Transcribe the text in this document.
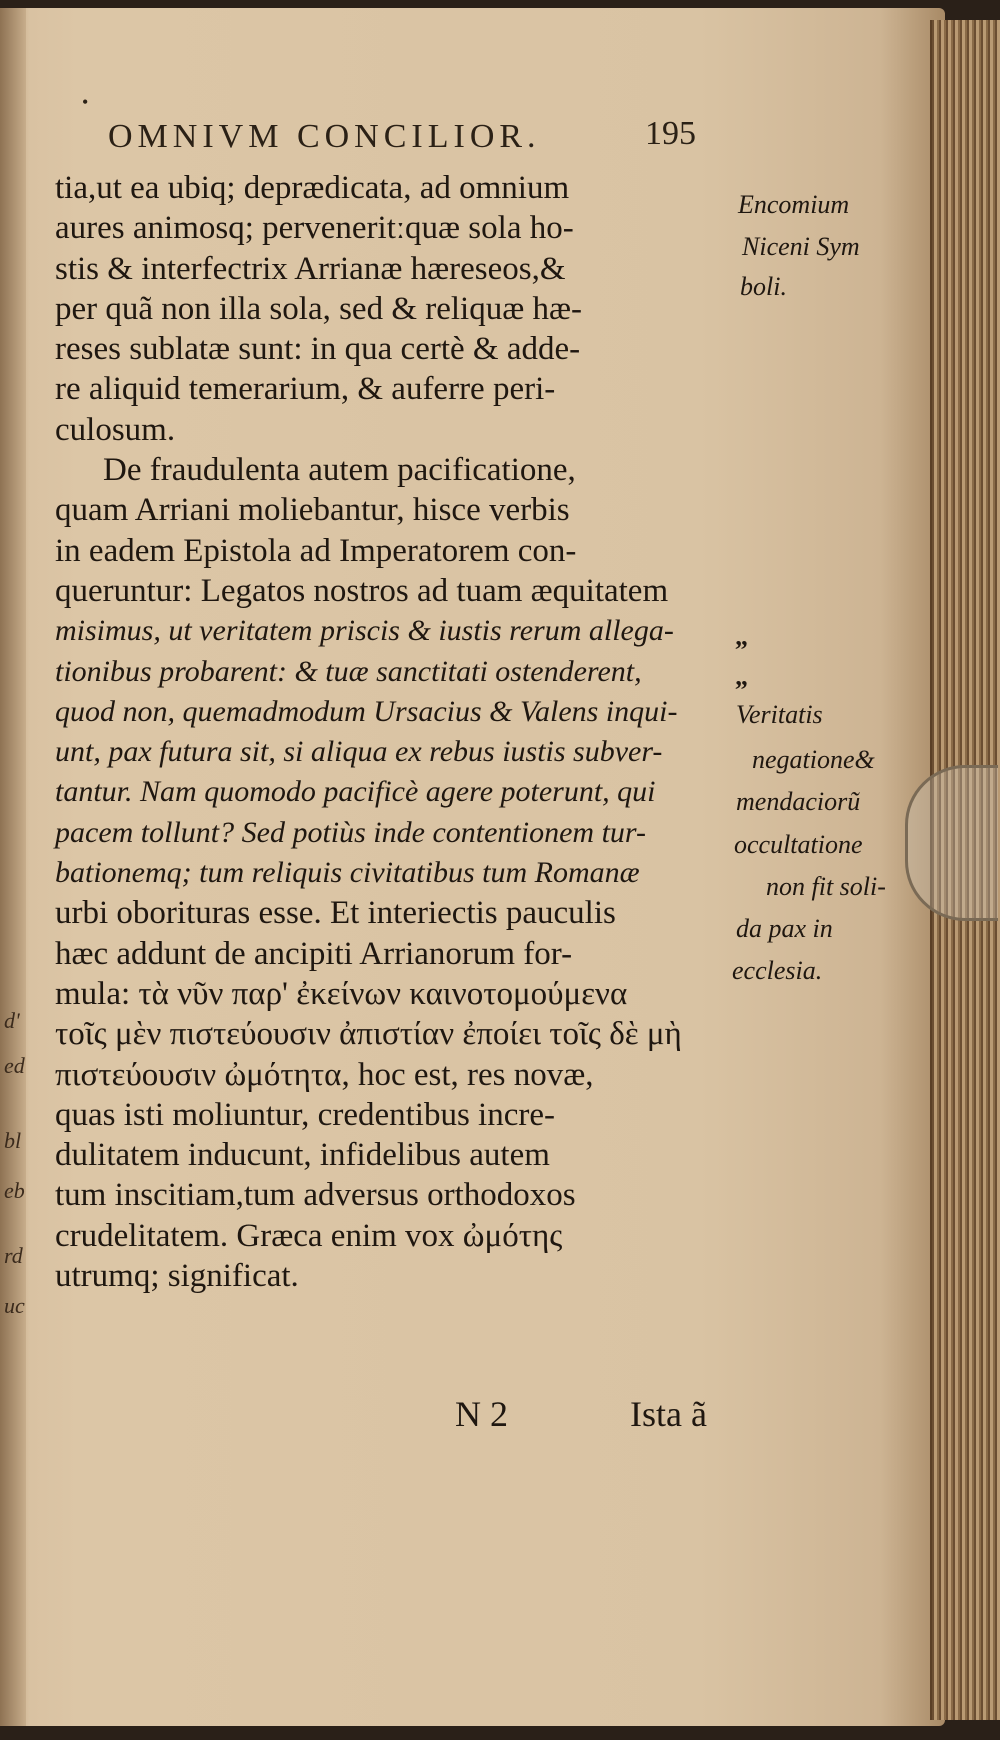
d'
ed
bl
eb
rd
uc
•
OMNIVM CONCILIOR.	195
tia,ut ea ubiq; deprædicata, ad omnium
aures animosq; perveneritːquæ sola ho-
stis & interfectrix Arrianæ hæreseos,&
per quã non illa sola, sed & reliquæ hæ-
reses sublatæ sunt: in qua certè & adde-
re aliquid temerarium, & auferre peri-
culosum.
De fraudulenta autem pacificatione,
quam Arriani moliebantur, hisce verbis
in eadem Epistola ad Imperatorem con-
queruntur: Legatos nostros ad tuam æquitatem
misimus, ut veritatem priscis & iustis rerum allega-
tionibus probarent: & tuæ sanctitati ostenderent,
quod non, quemadmodum Ursacius & Valens inqui-
unt, pax futura sit, si aliqua ex rebus iustis subver-
tantur. Nam quomodo pacificè agere poterunt, qui
pacem tollunt? Sed potiùs inde contentionem tur-
bationemq; tum reliquis civitatibus tum Romanæ
urbi oborituras esse. Et interiectis pauculis
hæc addunt de ancipiti Arrianorum for-
mula: τὰ νῦν παρ' ἐκείνων καινοτομούμενα
τοῖς μὲν πιστεύουσιν ἀπιστίαν ἐποίει τοῖς δὲ μὴ
πιστεύουσιν ὠμότητα, hoc est, res novæ,
quas isti moliuntur, credentibus incre-
dulitatem inducunt, infidelibus autem
tum inscitiam,tum adversus orthodoxos
crudelitatem. Græca enim vox ὠμότης
utrumq; significat.
„
„
Encomium
Niceni Sym
boli.
Veritatis
negatione&
mendaciorũ
occultatione
non fit soli-
da pax in
ecclesia.
N 2	Ista ã
